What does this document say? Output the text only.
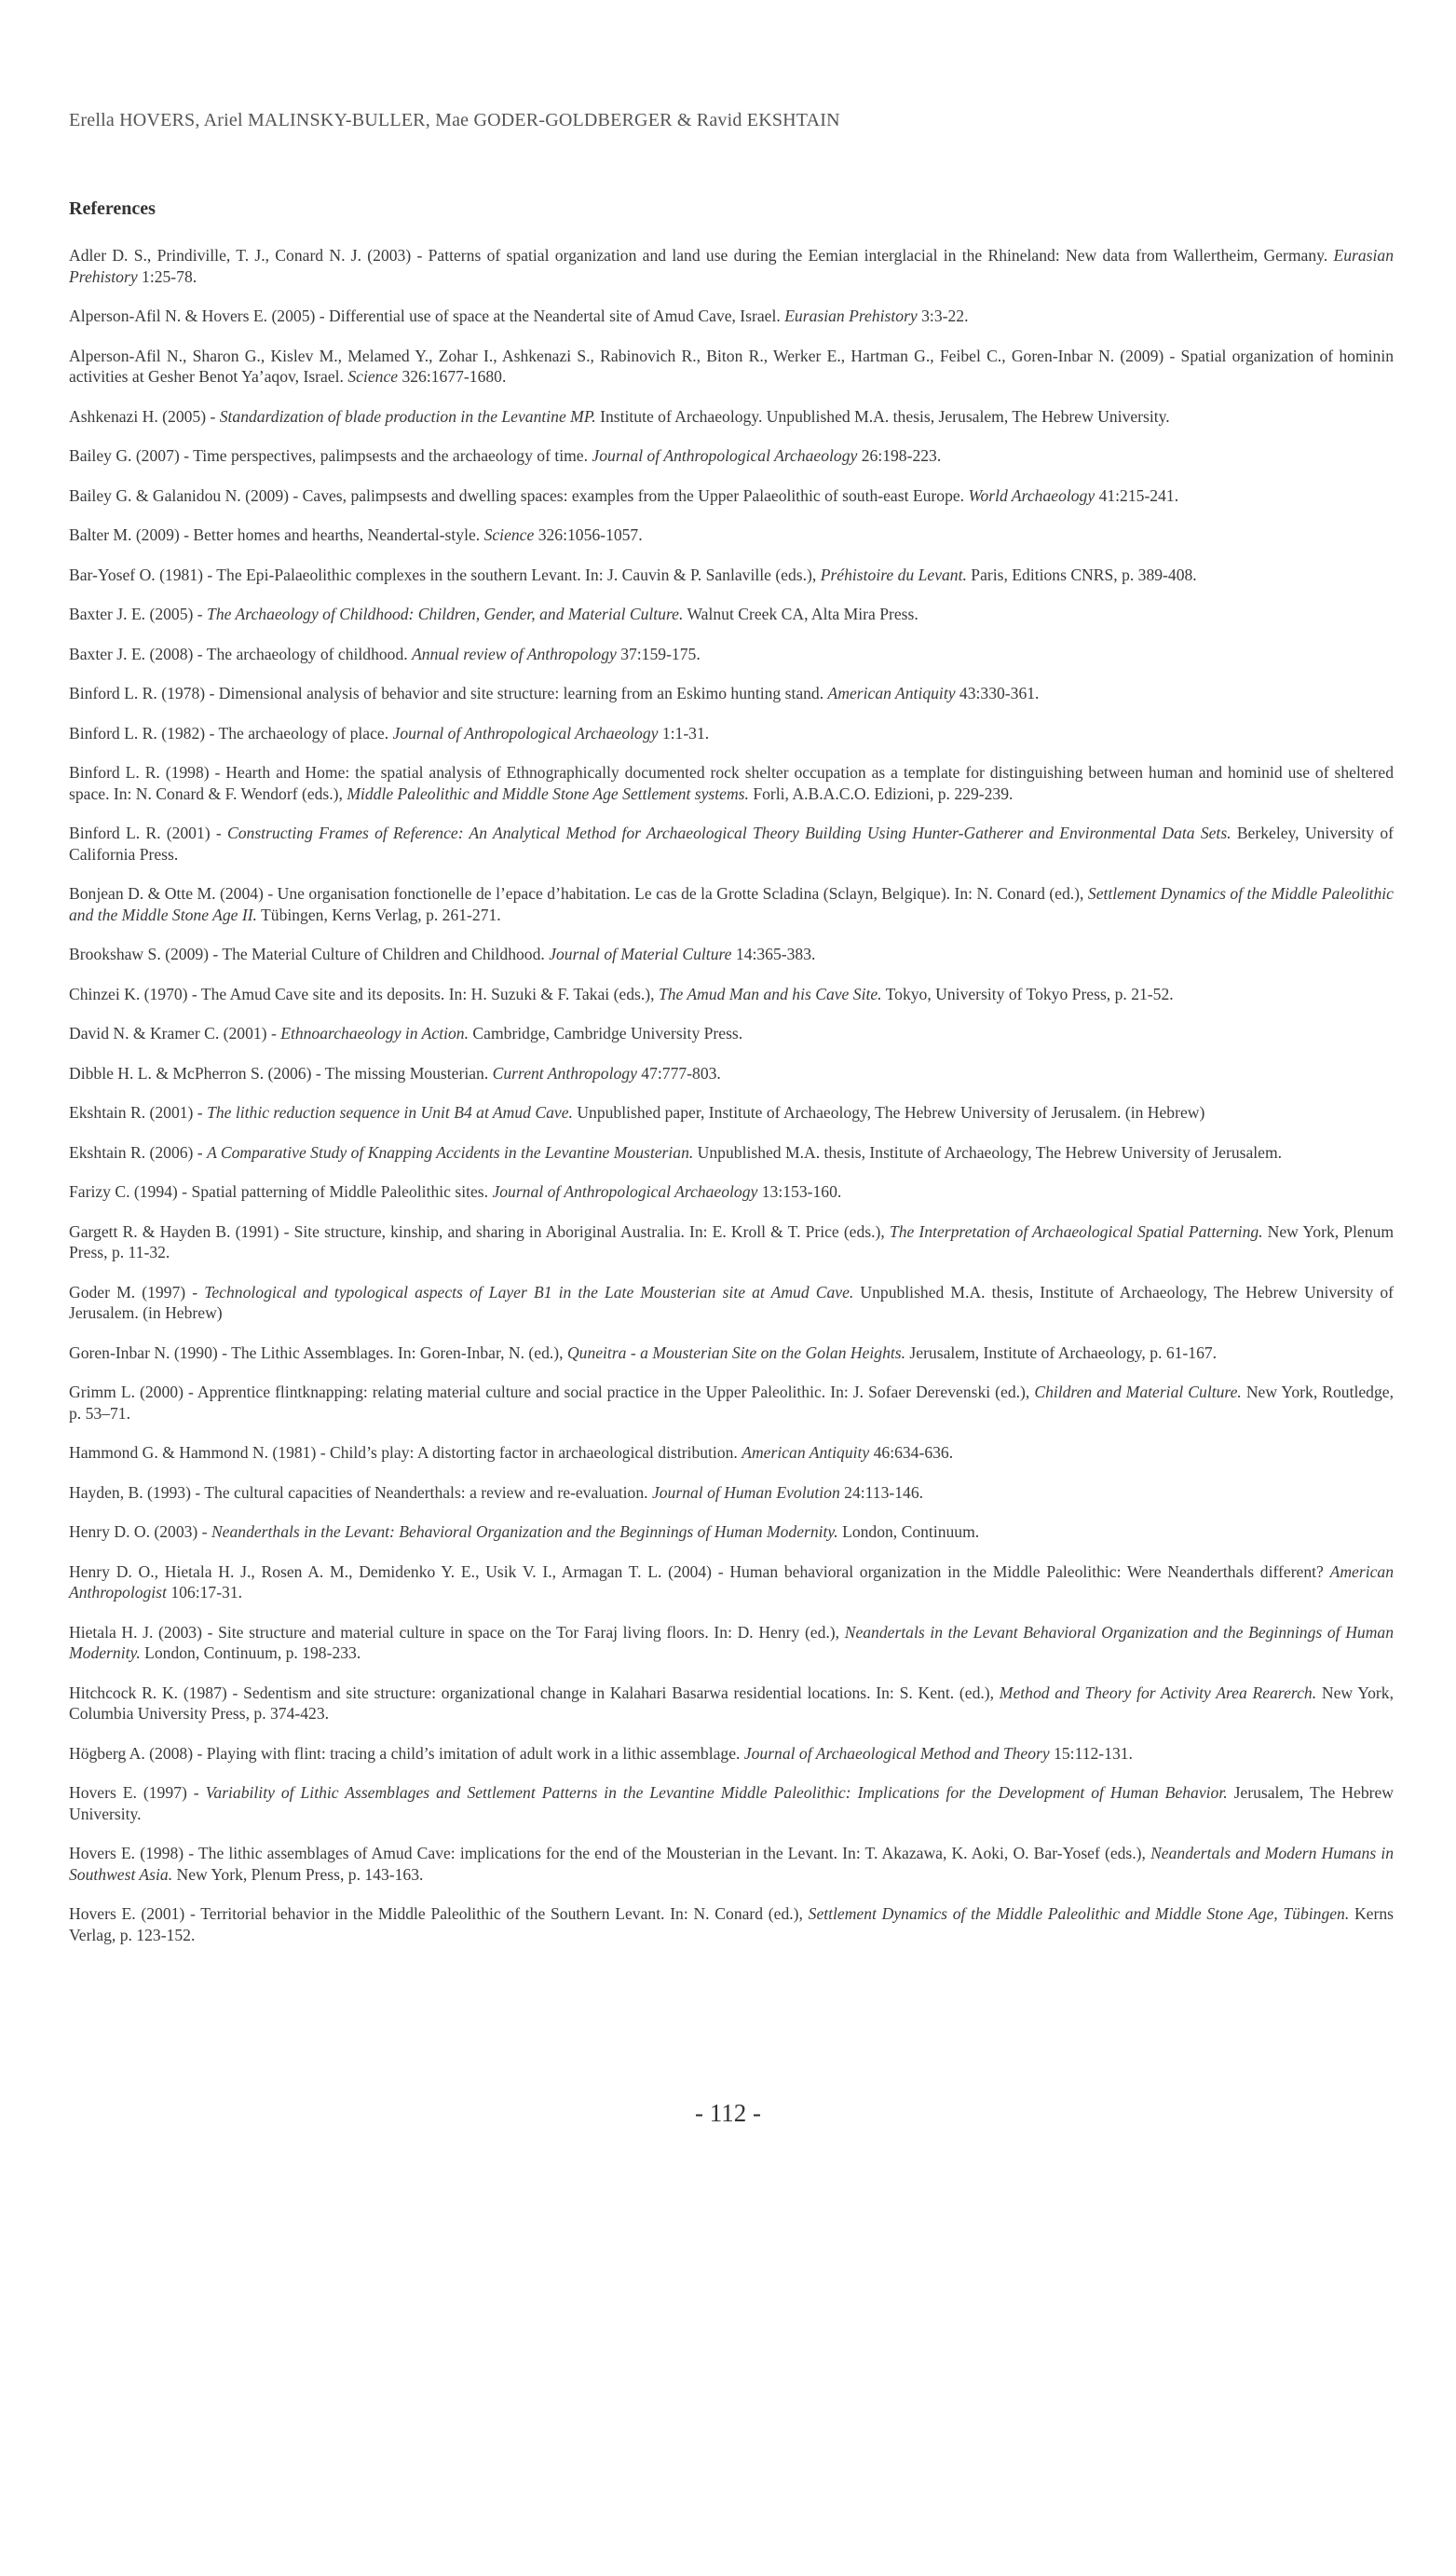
Erella HOVERS, Ariel MALINSKY-BULLER, Mae GODER-GOLDBERGER & Ravid EKSHTAIN
References

Adler D. S., Prindiville, T. J., Conard N. J. (2003) - Patterns of spatial organization and land use during the Eemian interglacial in the Rhineland: New data from Wallertheim, Germany. Eurasian Prehistory 1:25-78.

Alperson-Afil N. & Hovers E. (2005) - Differential use of space at the Neandertal site of Amud Cave, Israel. Eurasian Prehistory 3:3-22.

Alperson-Afil N., Sharon G., Kislev M., Melamed Y., Zohar I., Ashkenazi S., Rabinovich R., Biton R., Werker E., Hartman G., Feibel C., Goren-Inbar N. (2009) - Spatial organization of hominin activities at Gesher Benot Ya’aqov, Israel. Science 326:1677-1680.

Ashkenazi H. (2005) - Standardization of blade production in the Levantine MP. Institute of Archaeology. Unpublished M.A. thesis, Jerusalem, The Hebrew University.

Bailey G. (2007) - Time perspectives, palimpsests and the archaeology of time. Journal of Anthropological Archaeology 26:198-223.

Bailey G. & Galanidou N. (2009) - Caves, palimpsests and dwelling spaces: examples from the Upper Palaeolithic of south-east Europe. World Archaeology 41:215-241.

Balter M. (2009) - Better homes and hearths, Neandertal-style. Science 326:1056-1057.

Bar-Yosef O. (1981) - The Epi-Palaeolithic complexes in the southern Levant. In: J. Cauvin & P. Sanlaville (eds.), Préhistoire du Levant. Paris, Editions CNRS, p. 389-408.

Baxter J. E. (2005) - The Archaeology of Childhood: Children, Gender, and Material Culture. Walnut Creek CA, Alta Mira Press.

Baxter J. E. (2008) - The archaeology of childhood. Annual review of Anthropology 37:159-175.

Binford L. R. (1978) - Dimensional analysis of behavior and site structure: learning from an Eskimo hunting stand. American Antiquity 43:330-361.

Binford L. R. (1982) - The archaeology of place. Journal of Anthropological Archaeology 1:1-31.

Binford L. R. (1998) - Hearth and Home: the spatial analysis of Ethnographically documented rock shelter occupation as a template for distinguishing between human and hominid use of sheltered space. In: N. Conard & F. Wendorf (eds.), Middle Paleolithic and Middle Stone Age Settlement systems. Forli, A.B.A.C.O. Edizioni, p. 229-239.

Binford L. R. (2001) - Constructing Frames of Reference: An Analytical Method for Archaeological Theory Building Using Hunter-Gatherer and Environmental Data Sets. Berkeley, University of California Press.

Bonjean D. & Otte M. (2004) - Une organisation fonctionelle de l’epace d’habitation. Le cas de la Grotte Scladina (Sclayn, Belgique). In: N. Conard (ed.), Settlement Dynamics of the Middle Paleolithic and the Middle Stone Age II. Tübingen, Kerns Verlag, p. 261-271.

Brookshaw S. (2009) - The Material Culture of Children and Childhood. Journal of Material Culture 14:365-383.

Chinzei K. (1970) - The Amud Cave site and its deposits. In: H. Suzuki & F. Takai (eds.), The Amud Man and his Cave Site. Tokyo, University of Tokyo Press, p. 21-52.

David N. & Kramer C. (2001) - Ethnoarchaeology in Action. Cambridge, Cambridge University Press.

Dibble H. L. & McPherron S. (2006) - The missing Mousterian. Current Anthropology 47:777-803.

Ekshtain R. (2001) - The lithic reduction sequence in Unit B4 at Amud Cave. Unpublished paper, Institute of Archaeology, The Hebrew University of Jerusalem. (in Hebrew)

Ekshtain R. (2006) - A Comparative Study of Knapping Accidents in the Levantine Mousterian. Unpublished M.A. thesis, Institute of Archaeology, The Hebrew University of Jerusalem.

Farizy C. (1994) - Spatial patterning of Middle Paleolithic sites. Journal of Anthropological Archaeology 13:153-160.

Gargett R. & Hayden B. (1991) - Site structure, kinship, and sharing in Aboriginal Australia. In: E. Kroll & T. Price (eds.), The Interpretation of Archaeological Spatial Patterning. New York, Plenum Press, p. 11-32.

Goder M. (1997) - Technological and typological aspects of Layer B1 in the Late Mousterian site at Amud Cave. Unpublished M.A. thesis, Institute of Archaeology, The Hebrew University of Jerusalem. (in Hebrew)

Goren-Inbar N. (1990) - The Lithic Assemblages. In: Goren-Inbar, N. (ed.), Quneitra - a Mousterian Site on the Golan Heights. Jerusalem, Institute of Archaeology, p. 61-167.

Grimm L. (2000) - Apprentice flintknapping: relating material culture and social practice in the Upper Paleolithic. In: J. Sofaer Derevenski (ed.), Children and Material Culture. New York, Routledge, p. 53–71.

Hammond G. & Hammond N. (1981) - Child’s play: A distorting factor in archaeological distribution. American Antiquity 46:634-636.

Hayden, B. (1993) - The cultural capacities of Neanderthals: a review and re-evaluation. Journal of Human Evolution 24:113-146.

Henry D. O. (2003) - Neanderthals in the Levant: Behavioral Organization and the Beginnings of Human Modernity. London, Continuum.

Henry D. O., Hietala H. J., Rosen A. M., Demidenko Y. E., Usik V. I., Armagan T. L. (2004) - Human behavioral organization in the Middle Paleolithic: Were Neanderthals different? American Anthropologist 106:17-31.

Hietala H. J. (2003) - Site structure and material culture in space on the Tor Faraj living floors. In: D. Henry (ed.), Neandertals in the Levant Behavioral Organization and the Beginnings of Human Modernity. London, Continuum, p. 198-233.

Hitchcock R. K. (1987) - Sedentism and site structure: organizational change in Kalahari Basarwa residential locations. In: S. Kent. (ed.), Method and Theory for Activity Area Rearerch. New York, Columbia University Press, p. 374-423.

Högberg A. (2008) - Playing with flint: tracing a child’s imitation of adult work in a lithic assemblage. Journal of Archaeological Method and Theory 15:112-131.

Hovers E. (1997) - Variability of Lithic Assemblages and Settlement Patterns in the Levantine Middle Paleolithic: Implications for the Development of Human Behavior. Jerusalem, The Hebrew University.

Hovers E. (1998) - The lithic assemblages of Amud Cave: implications for the end of the Mousterian in the Levant. In: T. Akazawa, K. Aoki, O. Bar-Yosef (eds.), Neandertals and Modern Humans in Southwest Asia. New York, Plenum Press, p. 143-163.

Hovers E. (2001) - Territorial behavior in the Middle Paleolithic of the Southern Levant. In: N. Conard (ed.), Settlement Dynamics of the Middle Paleolithic and Middle Stone Age, Tübingen. Kerns Verlag, p. 123-152.

- 112 -
